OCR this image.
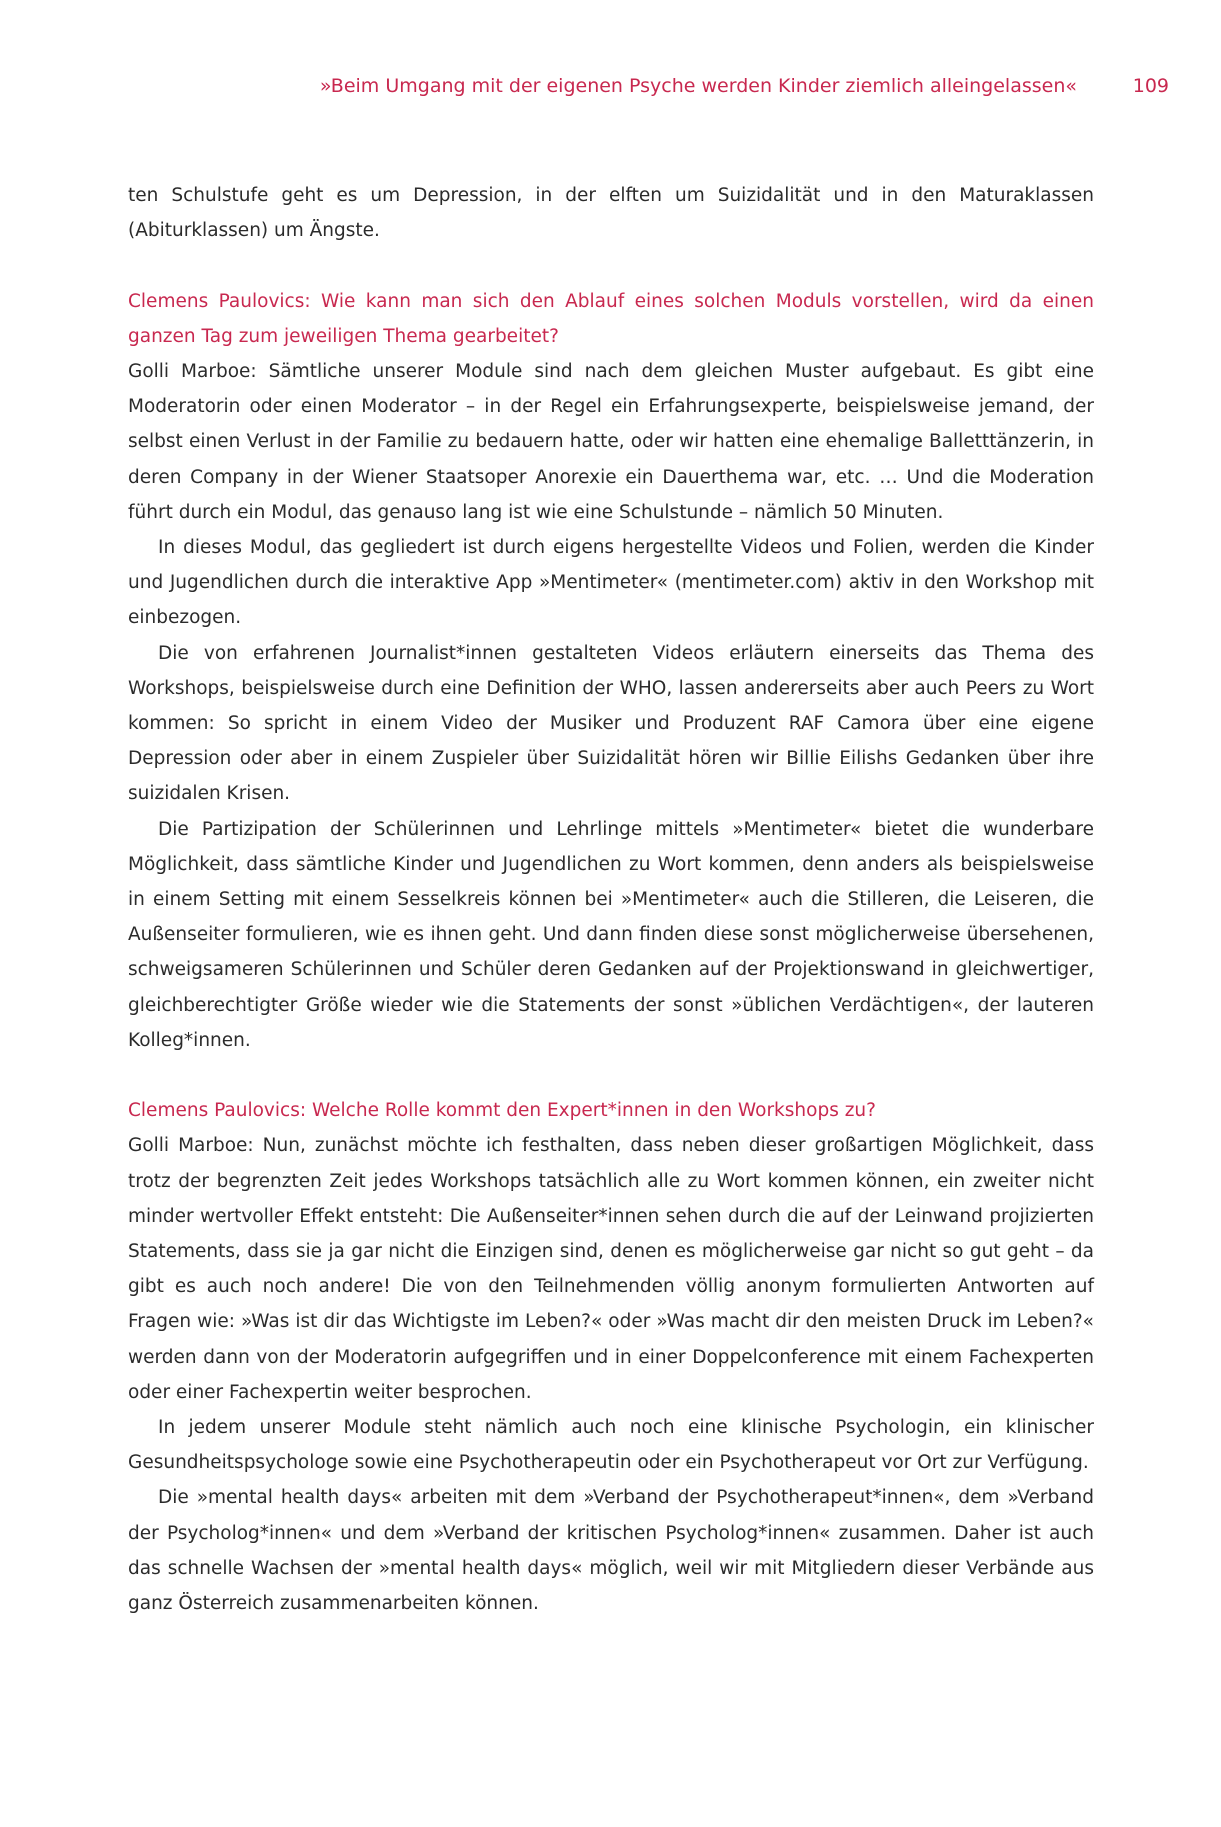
»Beim Umgang mit der eigenen Psyche werden Kinder ziemlich alleingelassen«	109

ten Schulstufe geht es um Depression, in der elften um Suizidalität und in den Maturaklassen (Abiturklassen) um Ängste.

Clemens Paulovics: Wie kann man sich den Ablauf eines solchen Moduls vorstellen, wird da einen ganzen Tag zum jeweiligen Thema gearbeitet?

Golli Marboe: Sämtliche unserer Module sind nach dem gleichen Muster aufgebaut. Es gibt eine Moderatorin oder einen Moderator – in der Regel ein Erfahrungsexperte, beispielsweise jemand, der selbst einen Verlust in der Familie zu bedauern hatte, oder wir hatten eine ehemalige Balletttänzerin, in deren Company in der Wiener Staatsoper Anorexie ein Dauerthema war, etc. … Und die Moderation führt durch ein Modul, das genauso lang ist wie eine Schulstunde – nämlich 50 Minuten.

In dieses Modul, das gegliedert ist durch eigens hergestellte Videos und Folien, werden die Kinder und Jugendlichen durch die interaktive App »Mentimeter« (mentimeter.com) aktiv in den Workshop mit einbezogen.

Die von erfahrenen Journalist*innen gestalteten Videos erläutern einerseits das Thema des Workshops, beispielsweise durch eine Definition der WHO, lassen andererseits aber auch Peers zu Wort kommen: So spricht in einem Video der Musiker und Produzent RAF Camora über eine eigene Depression oder aber in einem Zuspieler über Suizidalität hören wir Billie Eilishs Gedanken über ihre suizidalen Krisen.

Die Partizipation der Schülerinnen und Lehrlinge mittels »Mentimeter« bietet die wunderbare Möglichkeit, dass sämtliche Kinder und Jugendlichen zu Wort kommen, denn anders als beispielsweise in einem Setting mit einem Sesselkreis können bei »Mentimeter« auch die Stilleren, die Leiseren, die Außenseiter formulieren, wie es ihnen geht. Und dann finden diese sonst möglicherweise übersehenen, schweigsameren Schülerinnen und Schüler deren Gedanken auf der Projektionswand in gleichwertiger, gleichberechtigter Größe wieder wie die Statements der sonst »üblichen Verdächtigen«, der lauteren Kolleg*innen.

Clemens Paulovics: Welche Rolle kommt den Expert*innen in den Workshops zu?

Golli Marboe: Nun, zunächst möchte ich festhalten, dass neben dieser großartigen Möglichkeit, dass trotz der begrenzten Zeit jedes Workshops tatsächlich alle zu Wort kommen können, ein zweiter nicht minder wertvoller Effekt entsteht: Die Außenseiter*innen sehen durch die auf der Leinwand projizierten Statements, dass sie ja gar nicht die Einzigen sind, denen es möglicherweise gar nicht so gut geht – da gibt es auch noch andere! Die von den Teilnehmenden völlig anonym formulierten Antworten auf Fragen wie: »Was ist dir das Wichtigste im Leben?« oder »Was macht dir den meisten Druck im Leben?« werden dann von der Moderatorin aufgegriffen und in einer Doppelconference mit einem Fachexperten oder einer Fachexpertin weiter besprochen.

In jedem unserer Module steht nämlich auch noch eine klinische Psychologin, ein klinischer Gesundheitspsychologe sowie eine Psychotherapeutin oder ein Psychotherapeut vor Ort zur Verfügung.

Die »mental health days« arbeiten mit dem »Verband der Psychotherapeut*innen«, dem »Verband der Psycholog*innen« und dem »Verband der kritischen Psycholog*innen« zusammen. Daher ist auch das schnelle Wachsen der »mental health days« möglich, weil wir mit Mitgliedern dieser Verbände aus ganz Österreich zusammenarbeiten können.
